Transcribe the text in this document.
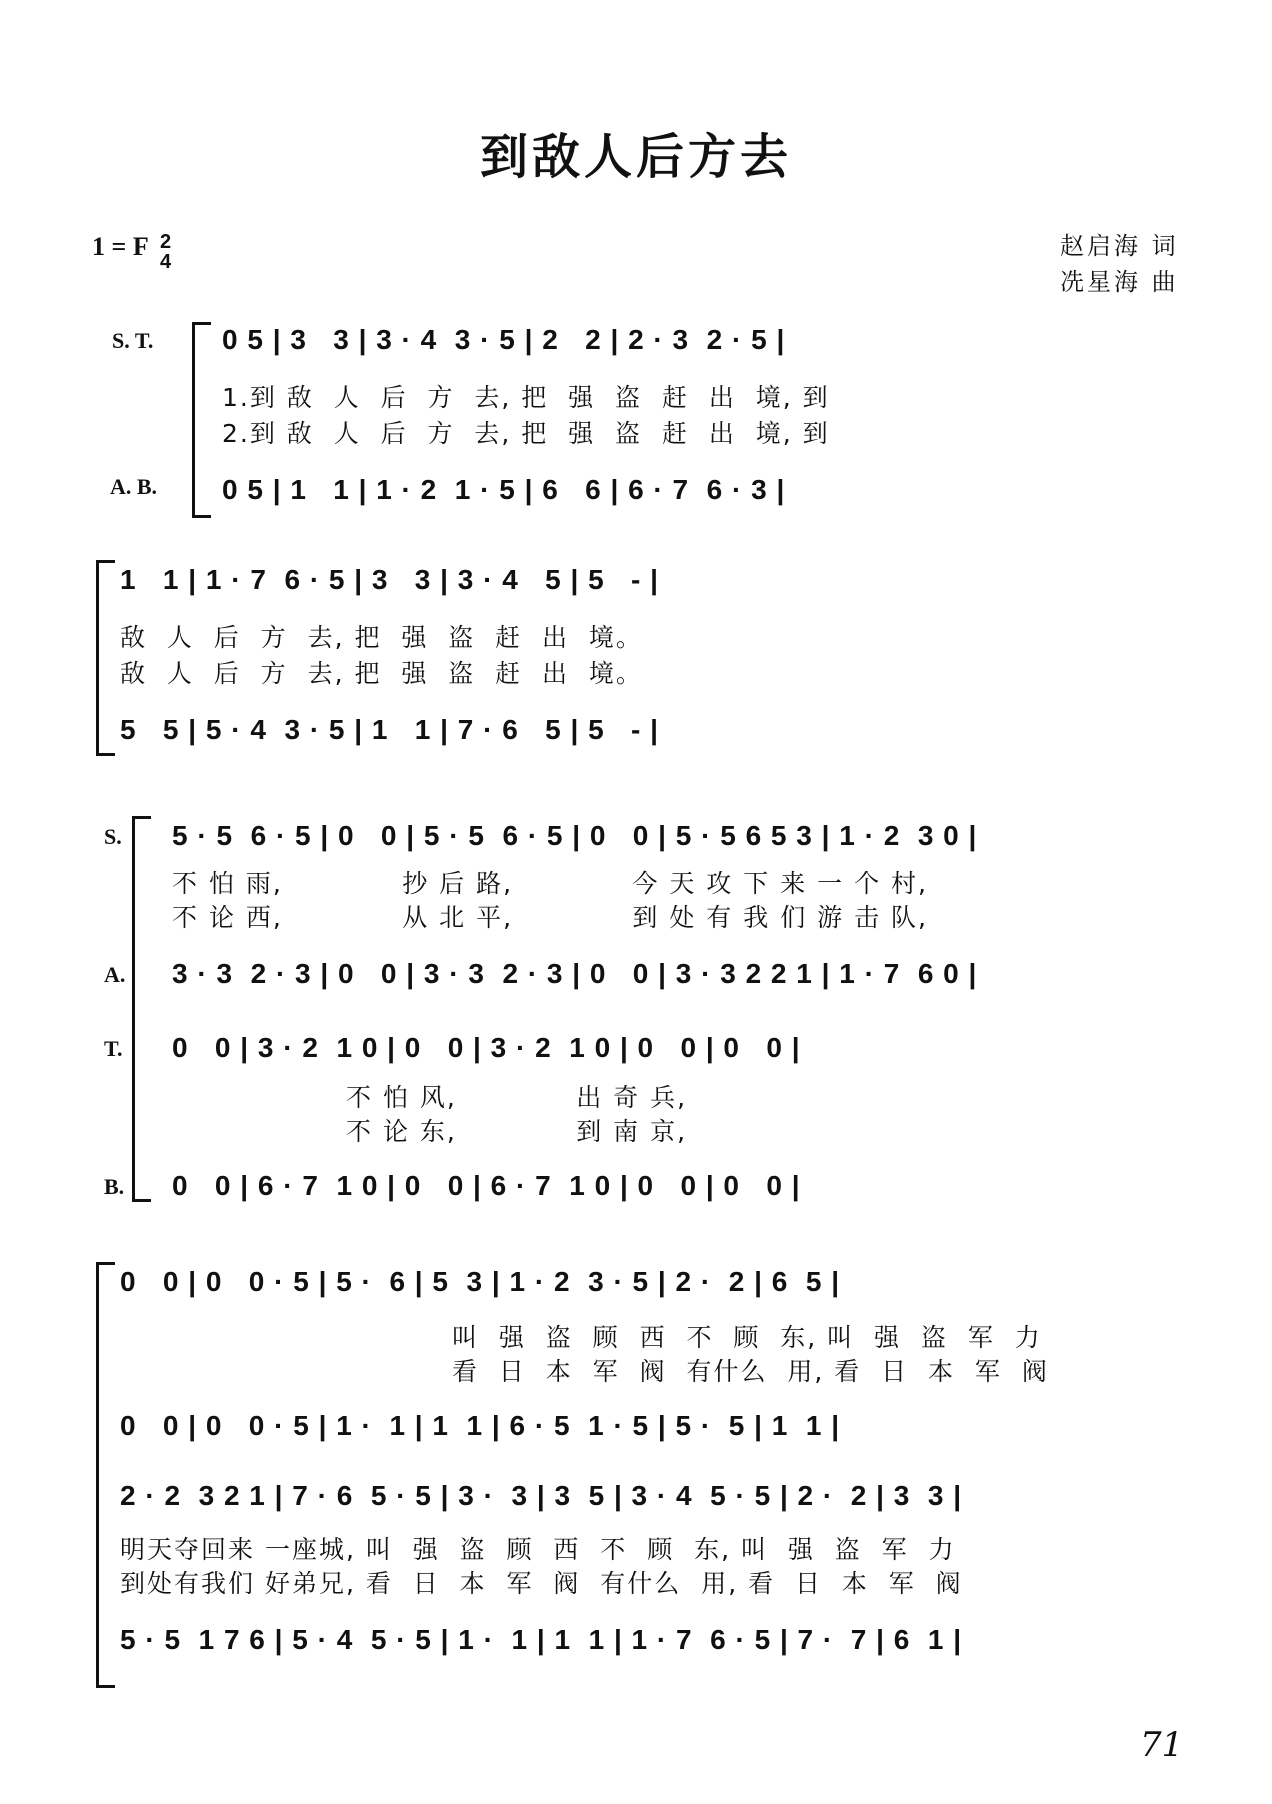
到敌人后方去
1 = F 2
4
赵启海 词
冼星海 曲
S. T.
A. B.
0 5 | 3   3 | 3 · 4  3 · 5 | 2   2 | 2 · 3  2 · 5 |
1.到 敌  人  后  方  去, 把  强  盗  赶  出  境, 到
2.到 敌  人  后  方  去, 把  强  盗  赶  出  境, 到
0 5 | 1   1 | 1 · 2  1 · 5 | 6   6 | 6 · 7  6 · 3 |
1   1 | 1 · 7  6 · 5 | 3   3 | 3 · 4   5 | 5   - |
敌  人  后  方  去, 把  强  盗  赶  出  境。
敌  人  后  方  去, 把  强  盗  赶  出  境。
5   5 | 5 · 4  3 · 5 | 1   1 | 7 · 6   5 | 5   - |
S.
A.
T.
B.
5 · 5  6 · 5 | 0   0 | 5 · 5  6 · 5 | 0   0 | 5 · 5 6 5 3 | 1 · 2  3 0 |
不 怕 雨,            抄 后 路,            今 天 攻 下 来 一 个 村,
不 论 西,            从 北 平,            到 处 有 我 们 游 击 队,
3 · 3  2 · 3 | 0   0 | 3 · 3  2 · 3 | 0   0 | 3 · 3 2 2 1 | 1 · 7  6 0 |
0   0 | 3 · 2  1 0 | 0   0 | 3 · 2  1 0 | 0   0 | 0   0 |
不 怕 风,            出 奇 兵,
不 论 东,            到 南 京,
0   0 | 6 · 7  1 0 | 0   0 | 6 · 7  1 0 | 0   0 | 0   0 |
0   0 | 0   0 · 5 | 5 ·  6 | 5  3 | 1 · 2  3 · 5 | 2 ·  2 | 6  5 |
叫  强  盗  顾  西  不  顾  东, 叫  强  盗  军  力
看  日  本  军  阀  有什么  用, 看  日  本  军  阀
0   0 | 0   0 · 5 | 1 ·  1 | 1  1 | 6 · 5  1 · 5 | 5 ·  5 | 1  1 |
2 · 2  3 2 1 | 7 · 6  5 · 5 | 3 ·  3 | 3  5 | 3 · 4  5 · 5 | 2 ·  2 | 3  3 |
明天夺回来 一座城, 叫  强  盗  顾  西  不  顾  东, 叫  强  盗  军  力
到处有我们 好弟兄, 看  日  本  军  阀  有什么  用, 看  日  本  军  阀
5 · 5  1 7 6 | 5 · 4  5 · 5 | 1 ·  1 | 1  1 | 1 · 7  6 · 5 | 7 ·  7 | 6  1 |
71
